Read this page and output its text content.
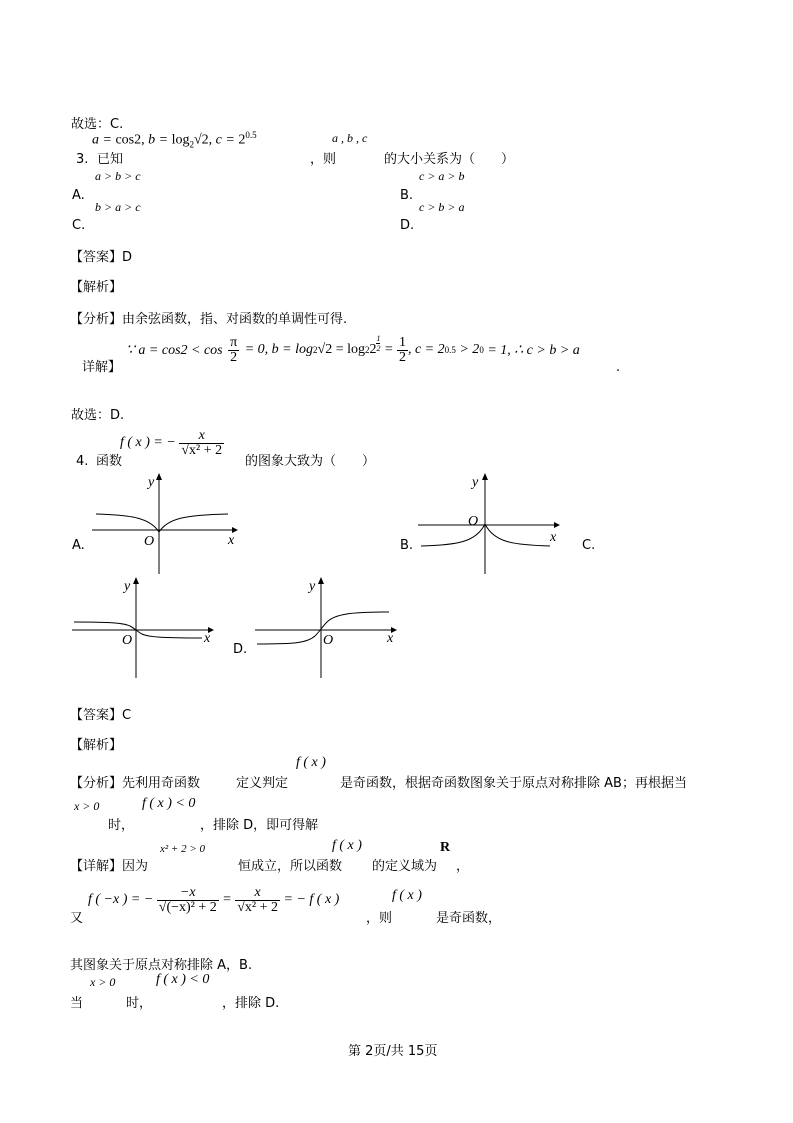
故选：C.
a = cos2, $b = \log_2√2$, $c = 2^{0.5}$	a , b , c
3. 已知	，则	的大小关系为（　　）
a > b > c
A.
c > a > b
B.
b > a > c
C.
c > b > a
D.
【答案】D
【解析】
【分析】由余弦函数，指、对函数的单调性可得.
∵ a = cos2 < cos
$\frac{\pi}{2}$
= 0, b = log 2 √2 = log 2 $2 \frac{1}{2}$
=
$\frac{1}{2}$ , c = 2 0.5
> 2 0
= 1, ∴ c > b > a
详解】	.
故选：D.
f ( x ) = −
$\frac{x}{\text{√x² + 2}}$
4. 函数	的图象大致为（　　）
O	x
y
A.
O
x
y
B.	C.
O	x
y
O	x
y
D.
【答案】C
【解析】
f ( x )
【分析】先利用奇函数	定义判定	是奇函数，根据奇函数图象关于原点对称排除 AB；再根据当
x > 0	f ( x ) < 0
时，	，排除 D，即可得解
x² + 2 > 0	f ( x )	R
【详解】因为	恒成立，所以函数 的定义域为 ，
f ( −x ) = −
$\frac{-x}{\text{√(−x)² + 2}}$
=
$\frac{x}{\text{√x² + 2}}$
= − f ( x )	f ( x )
又	，则	是奇函数，
其图象关于原点对称排除 A，B.
x > 0	f ( x ) < 0
当	时，	，排除 D.
第 2页/共 15页
